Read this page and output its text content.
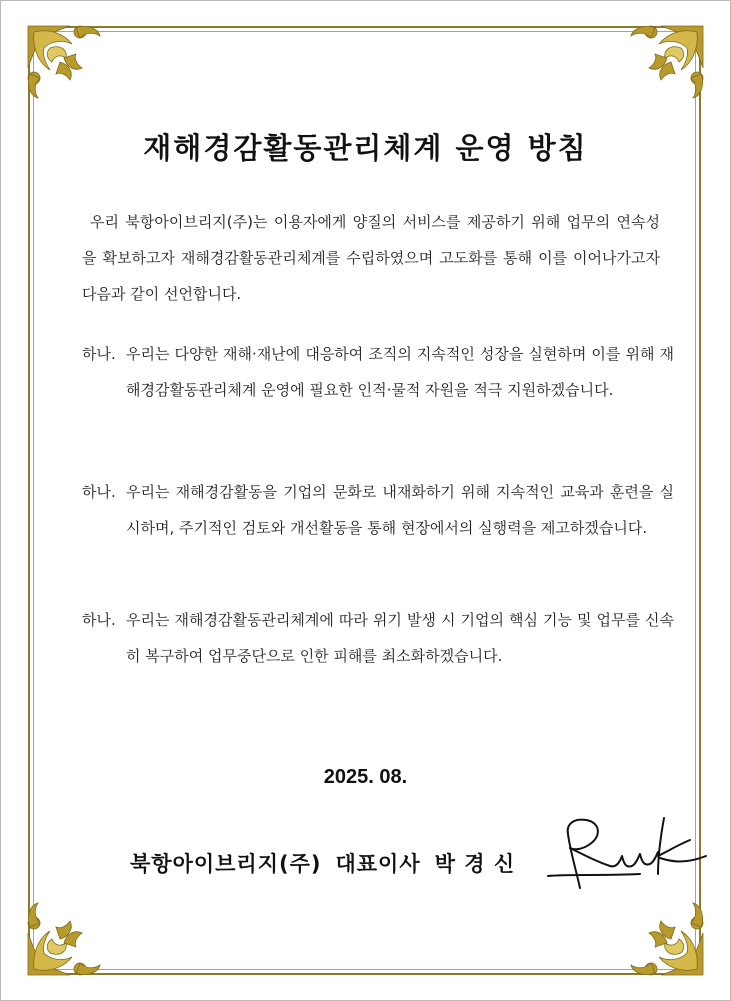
재해경감활동관리체계 운영 방침
우리 북항아이브리지(주)는 이용자에게 양질의 서비스를 제공하기 위해 업무의 연속성을 확보하고자 재해경감활동관리체계를 수립하였으며 고도화를 통해 이를 이어나가고자 다음과 같이 선언합니다.
하나. 우리는 다양한 재해·재난에 대응하여 조직의 지속적인 성장을 실현하며 이를 위해 재해경감활동관리체계 운영에 필요한 인적·물적 자원을 적극 지원하겠습니다.
하나. 우리는 재해경감활동을 기업의 문화로 내재화하기 위해 지속적인 교육과 훈련을 실시하며, 주기적인 검토와 개선활동을 통해 현장에서의 실행력을 제고하겠습니다.
하나. 우리는 재해경감활동관리체계에 따라 위기 발생 시 기업의 핵심 기능 및 업무를 신속히 복구하여 업무중단으로 인한 피해를 최소화하겠습니다.
2025. 08.
북항아이브리지(주) 대표이사 박 경 신
